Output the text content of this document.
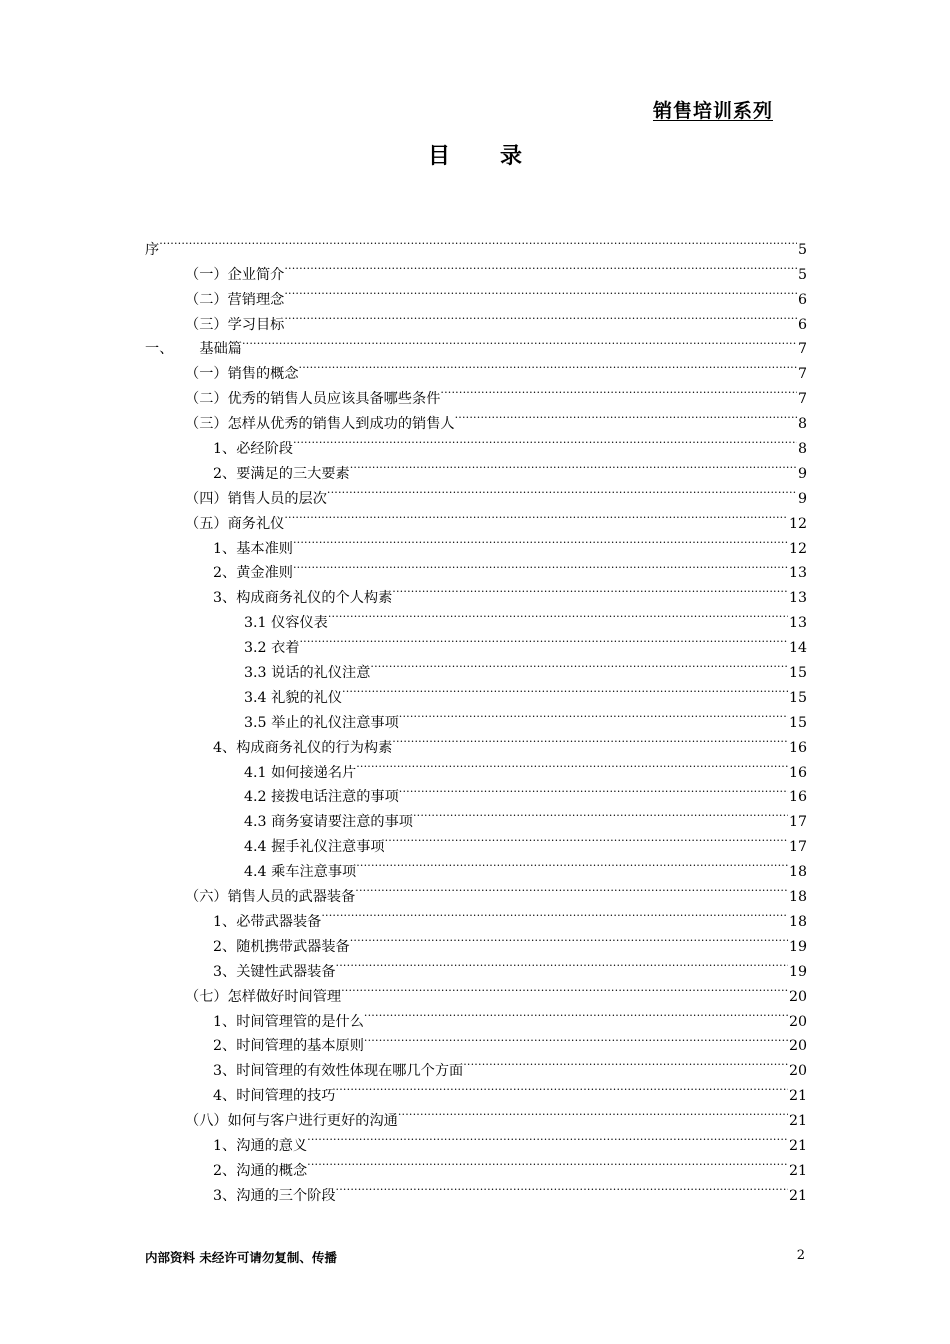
销售培训系列
目 录
序 .....	5
（一）企业简介 .....	5
（二）营销理念 .....	6
（三）学习目标 .....	6
一、 基础篇 .....	7
（一）销售的概念 .....	7
（二）优秀的销售人员应该具备哪些条件 .....	7
（三）怎样从优秀的销售人到成功的销售人 .....	8
1、必经阶段 .....	8
2、要满足的三大要素 .....	9
（四）销售人员的层次 .....	9
（五）商务礼仪 .....	12
1、基本准则 .....	12
2、黄金准则 .....	13
3、构成商务礼仪的个人构素 .....	13
3.1 仪容仪表 .....	13
3.2 衣着 .....	14
3.3 说话的礼仪注意 .....	15
3.4 礼貌的礼仪 .....	15
3.5 举止的礼仪注意事项 .....	15
4、构成商务礼仪的行为构素 .....	16
4.1 如何接递名片 .....	16
4.2 接拨电话注意的事项 .....	16
4.3 商务宴请要注意的事项 .....	17
4.4 握手礼仪注意事项 .....	17
4.4 乘车注意事项 .....	18
（六）销售人员的武器装备 .....	18
1、必带武器装备 .....	18
2、随机携带武器装备 .....	19
3、关键性武器装备 .....	19
（七）怎样做好时间管理 .....	20
1、时间管理管的是什么 .....	20
2、时间管理的基本原则 .....	20
3、时间管理的有效性体现在哪几个方面 .....	20
4、时间管理的技巧 .....	21
（八）如何与客户进行更好的沟通 .....	21
1、沟通的意义 .....	21
2、沟通的概念 .....	21
3、沟通的三个阶段 .....	21
内部资料 未经许可请勿复制、传播	2
